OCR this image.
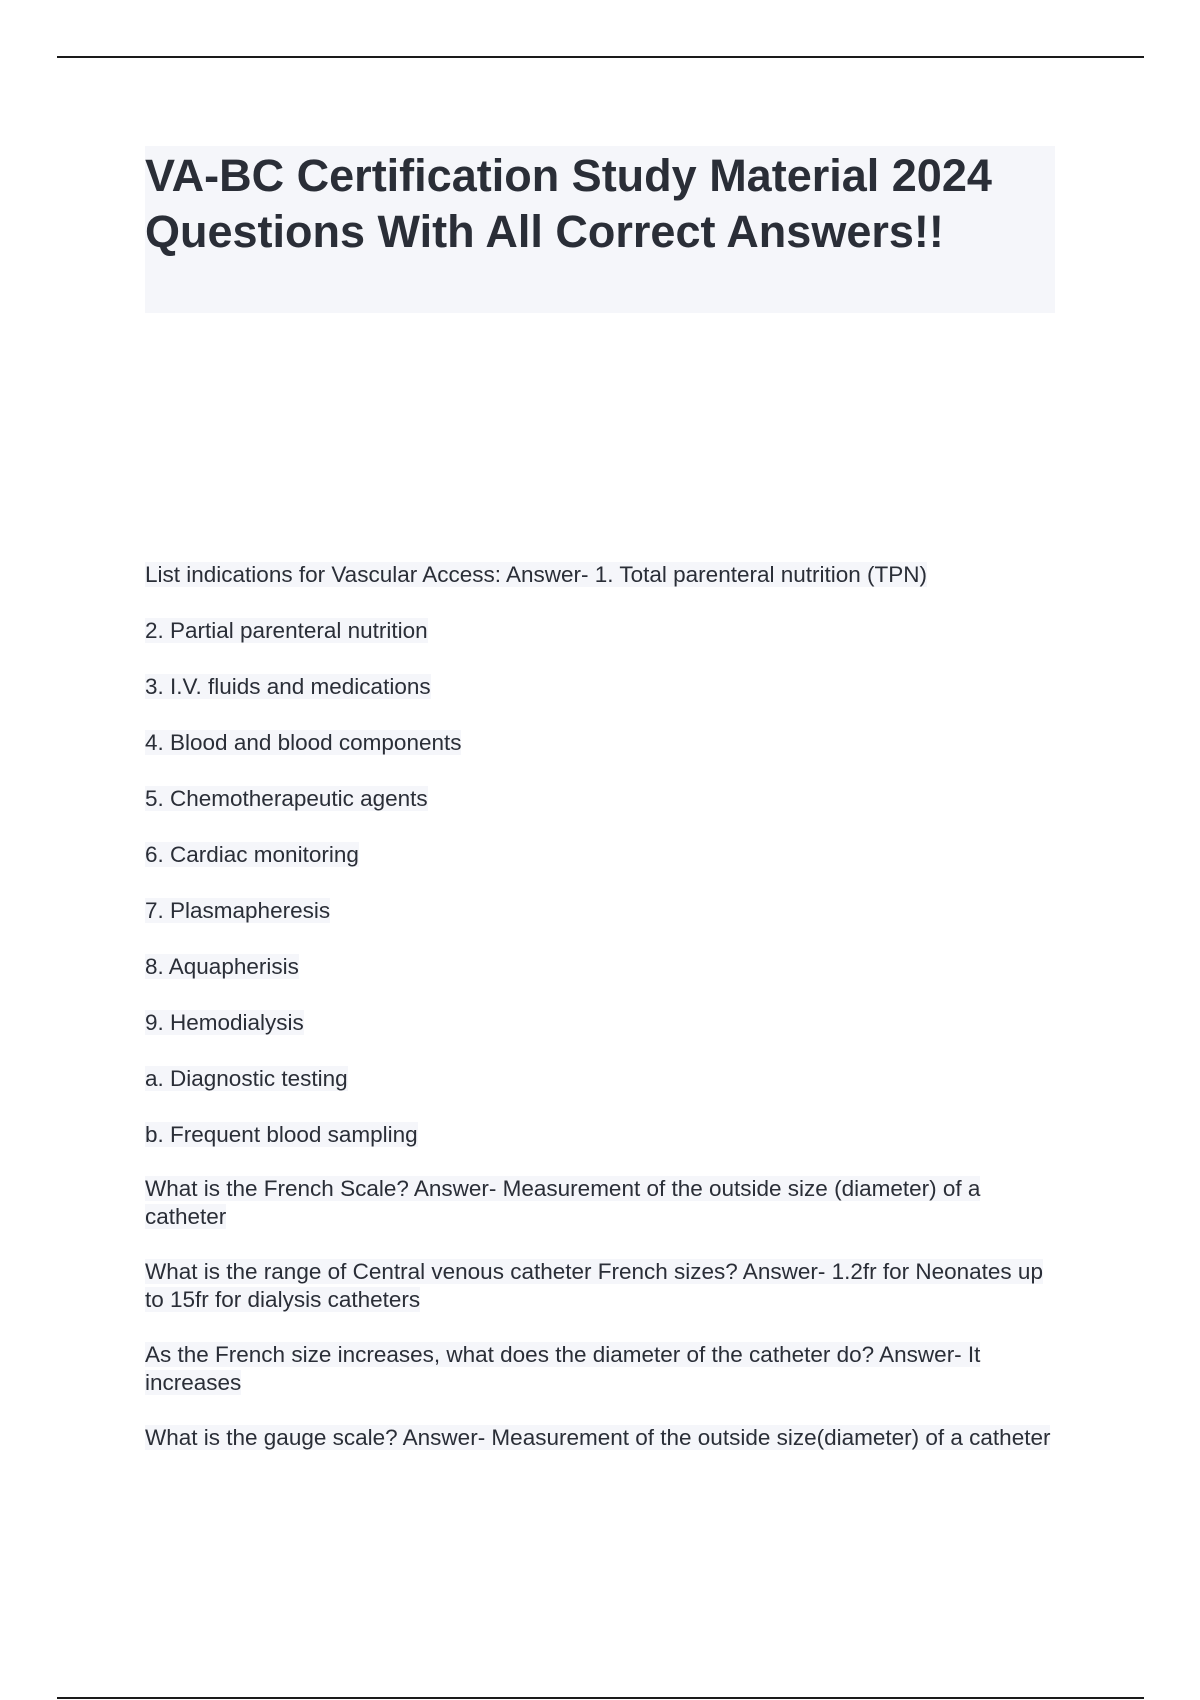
VA-BC Certification Study Material 2024 Questions With All Correct Answers!!

List indications for Vascular Access: Answer- 1. Total parenteral nutrition (TPN)

2. Partial parenteral nutrition

3. I.V. fluids and medications

4. Blood and blood components

5. Chemotherapeutic agents

6. Cardiac monitoring

7. Plasmapheresis

8. Aquapherisis

9. Hemodialysis

a. Diagnostic testing

b. Frequent blood sampling

What is the French Scale? Answer- Measurement of the outside size (diameter) of a catheter

What is the range of Central venous catheter French sizes? Answer- 1.2fr for Neonates up to 15fr for dialysis catheters

As the French size increases, what does the diameter of the catheter do? Answer- It increases

What is the gauge scale? Answer- Measurement of the outside size(diameter) of a catheter
